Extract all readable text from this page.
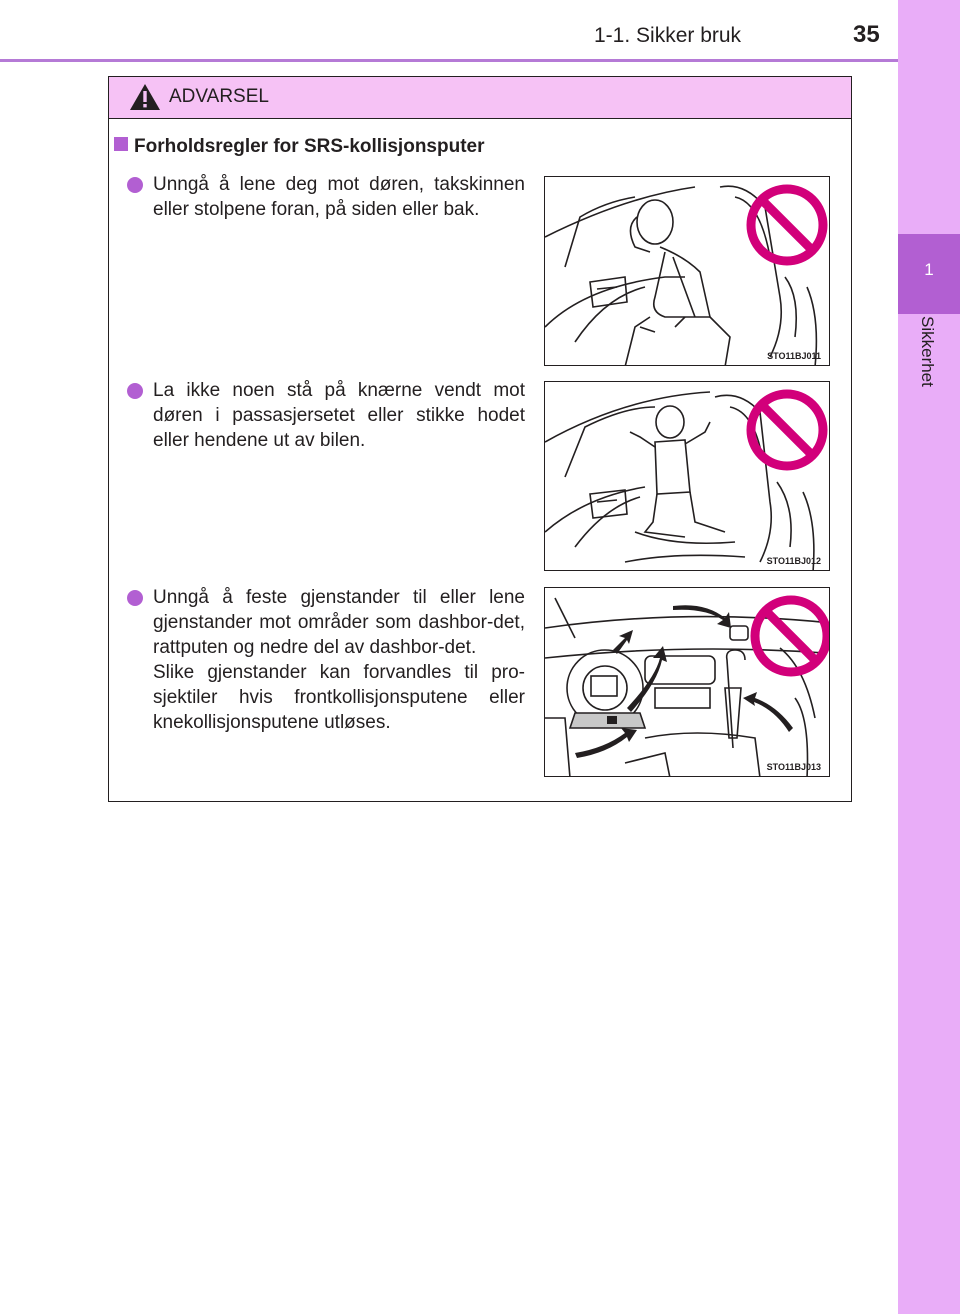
1-1. Sikker bruk	35
1
Sikkerhet
ADVARSEL
Forholdsregler for SRS-kollisjonsputer

Unngå å lene deg mot døren, takskinnen eller stolpene foran, på siden eller bak.

STO11BJ011

La ikke noen stå på knærne vendt mot døren i passasjersetet eller stikke hodet eller hendene ut av bilen.

STO11BJ012

Unngå å feste gjenstander til eller lene gjenstander mot områder som dashbor-det, rattputen og nedre del av dashbor-det.

Slike gjenstander kan forvandles til pro-sjektiler hvis frontkollisjonsputene eller knekollisjonsputene utløses.

STO11BJ013
